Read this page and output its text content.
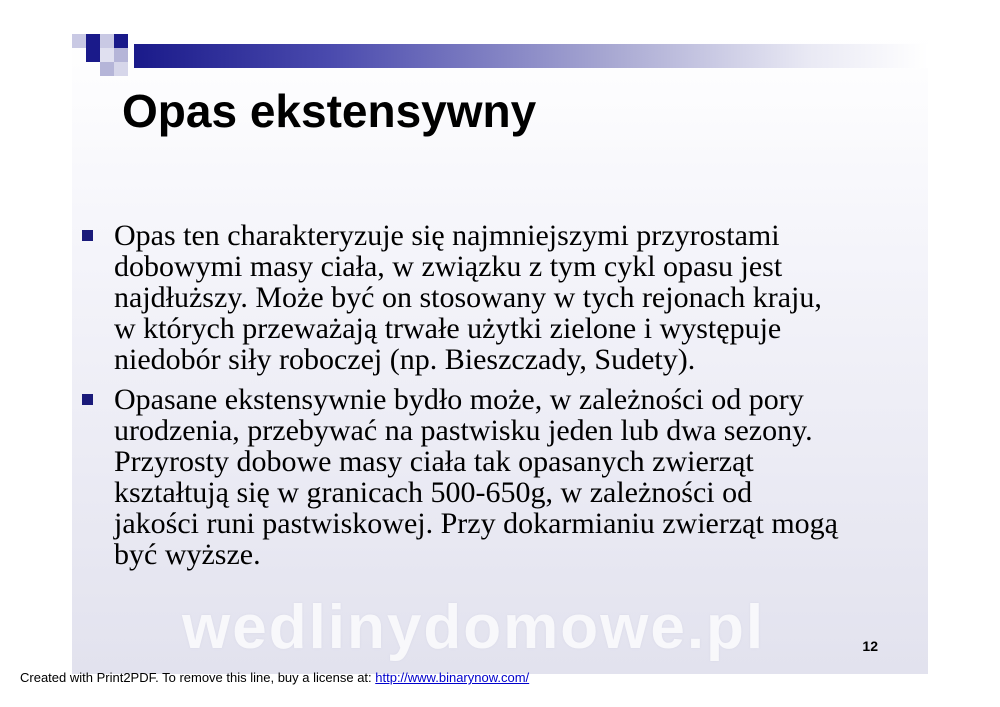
Opas ekstensywny
Opas ten charakteryzuje się najmniejszymi przyrostami
dobowymi masy ciała, w związku z tym cykl opasu jest
najdłuższy. Może być on stosowany w tych rejonach kraju,
w których przeważają trwałe użytki zielone i występuje
niedobór siły roboczej (np. Bieszczady, Sudety).
Opasane ekstensywnie bydło może, w zależności od pory
urodzenia, przebywać na pastwisku jeden lub dwa sezony.
Przyrosty dobowe masy ciała tak opasanych zwierząt
kształtują się w granicach 500-650g, w zależności od
jakości runi pastwiskowej. Przy dokarmianiu zwierząt mogą
być wyższe.
wedlinydomowe.pl	12
Created with Print2PDF. To remove this line, buy a license at: http://www.binarynow.com/
